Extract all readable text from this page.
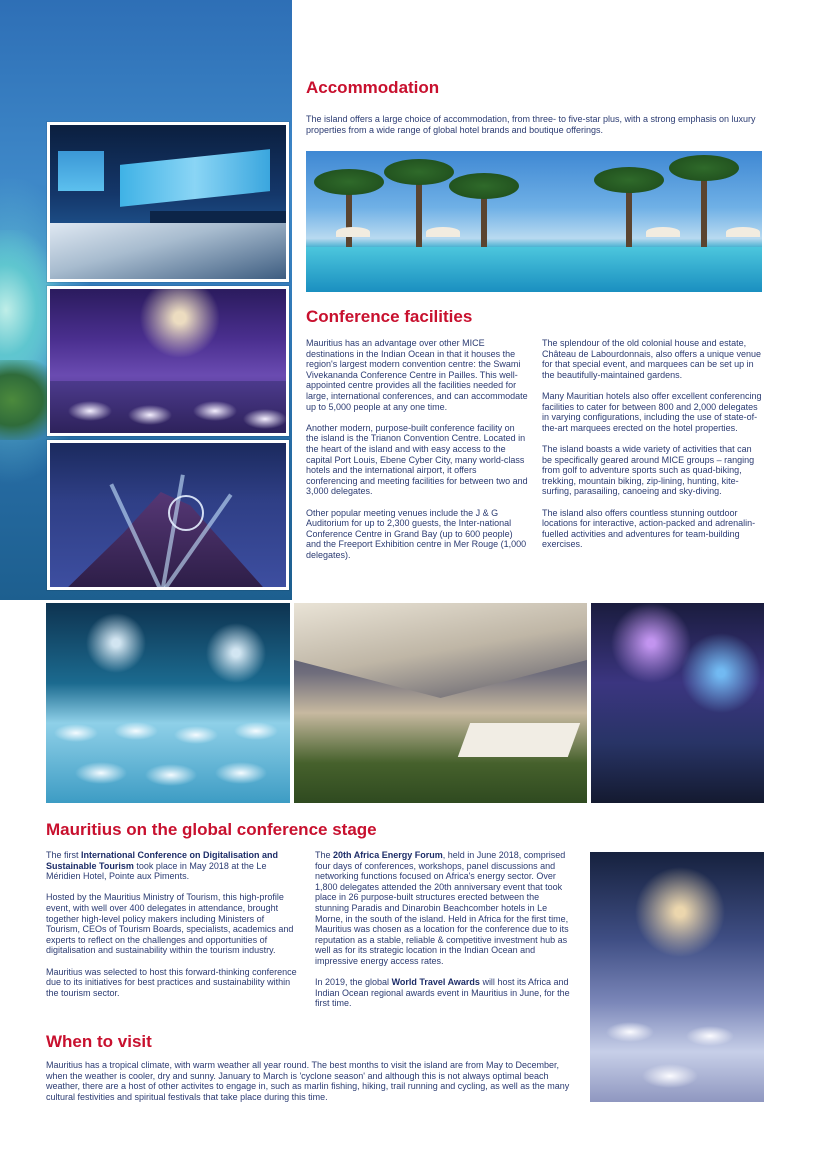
Accommodation

The island offers a large choice of accommodation, from three- to five-star plus, with a strong emphasis on luxury properties from a wide range of global hotel brands and boutique offerings.

Conference facilities

Mauritius has an advantage over other MICE destinations in the Indian Ocean in that it houses the region's largest modern convention centre: the Swami Vivekananda Conference Centre in Pailles. This well-appointed centre provides all the facilities needed for large, international conferences, and can accommodate up to 5,000 people at any one time.

Another modern, purpose-built conference facility on the island is the Trianon Convention Centre. Located in the heart of the island and with easy access to the capital Port Louis, Ebene Cyber City, many world-class hotels and the international airport, it offers conferencing and meeting facilities for between two and 3,000 delegates.

Other popular meeting venues include the J & G Auditorium for up to 2,300 guests, the Inter-national Conference Centre in Grand Bay (up to 600 people) and the Freeport Exhibition centre in Mer Rouge (1,000 delegates).

The splendour of the old colonial house and estate, Château de Labourdonnais, also offers a unique venue for that special event, and marquees can be set up in the beautifully-maintained gardens.

Many Mauritian hotels also offer excellent conferencing facilities to cater for between 800 and 2,000 delegates in varying configurations, including the use of state-of-the-art marquees erected on the hotel properties.

The island boasts a wide variety of activities that can be specifically geared around MICE groups – ranging from golf to adventure sports such as quad-biking, trekking, mountain biking, zip-lining, hunting, kite-surfing, parasailing, canoeing and sky-diving.

The island also offers countless stunning outdoor locations for interactive, action-packed and adrenalin-fuelled activities and adventures for team-building exercises.

Mauritius on the global conference stage

The first International Conference on Digitalisation and Sustainable Tourism took place in May 2018 at the Le Méridien Hotel, Pointe aux Piments.

Hosted by the Mauritius Ministry of Tourism, this high-profile event, with well over 400 delegates in attendance, brought together high-level policy makers including Ministers of Tourism, CEOs of Tourism Boards, specialists, academics and experts to reflect on the challenges and opportunities of digitalisation and sustainability within the tourism industry.

Mauritius was selected to host this forward-thinking conference due to its initiatives for best practices and sustainability within the tourism sector.

The 20th Africa Energy Forum, held in June 2018, comprised four days of conferences, workshops, panel discussions and networking functions focused on Africa's energy sector. Over 1,800 delegates attended the 20th anniversary event that took place in 26 purpose-built structures erected between the stunning Paradis and Dinarobin Beachcomber hotels in Le Morne, in the south of the island. Held in Africa for the first time, Mauritius was chosen as a location for the conference due to its reputation as a stable, reliable & competitive investment hub as well as for its strategic location in the Indian Ocean and impressive energy access rates.

In 2019, the global World Travel Awards will host its Africa and Indian Ocean regional awards event in Mauritius in June, for the first time.

When to visit

Mauritius has a tropical climate, with warm weather all year round. The best months to visit the island are from May to December, when the weather is cooler, dry and sunny. January to March is 'cyclone season' and although this is not always optimal beach weather, there are a host of other activites to engage in, such as marlin fishing, hiking, trail running and cycling, as well as the many cultural festivities and spiritual festivals that take place during this time.
